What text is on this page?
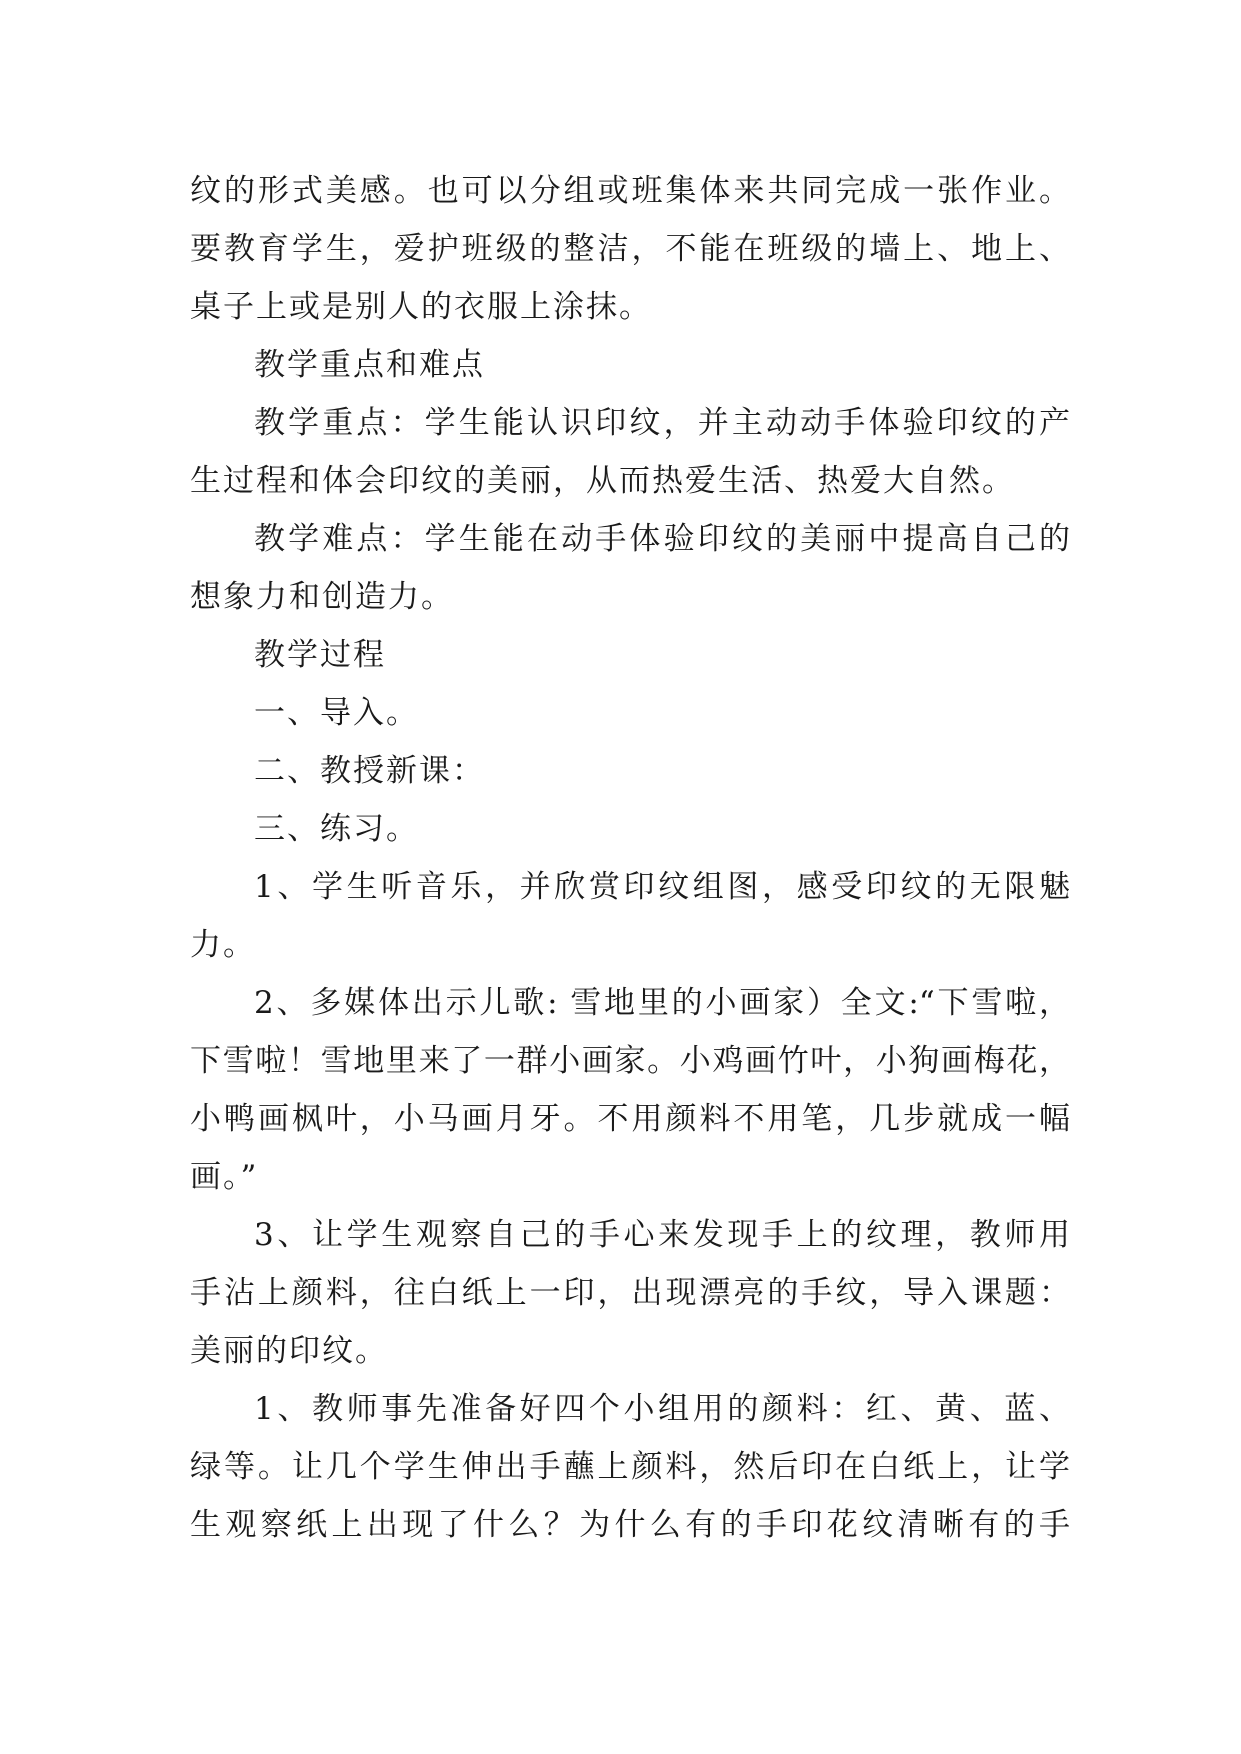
纹的形式美感。也可以分组或班集体来共同完成一张作业。
要教育学生，爱护班级的整洁，不能在班级的墙上、地上、
桌子上或是别人的衣服上涂抹。
教学重点和难点
教学重点：学生能认识印纹，并主动动手体验印纹的产
生过程和体会印纹的美丽，从而热爱生活、热爱大自然。
教学难点：学生能在动手体验印纹的美丽中提高自己的
想象力和创造力。
教学过程
一、导入。
二、教授新课：
三、练习。
1、学生听音乐，并欣赏印纹组图，感受印纹的无限魅
力。
2、多媒体出示儿歌: 雪地里的小画家）全文:“下雪啦，
下雪啦！雪地里来了一群小画家。小鸡画竹叶，小狗画梅花，
小鸭画枫叶，小马画月牙。不用颜料不用笔，几步就成一幅
画。”
3、让学生观察自己的手心来发现手上的纹理，教师用
手沾上颜料，往白纸上一印，出现漂亮的手纹，导入课题：
美丽的印纹。
1、教师事先准备好四个小组用的颜料：红、黄、蓝、
绿等。让几个学生伸出手蘸上颜料，然后印在白纸上，让学
生观察纸上出现了什么？为什么有的手印花纹清晰有的手
